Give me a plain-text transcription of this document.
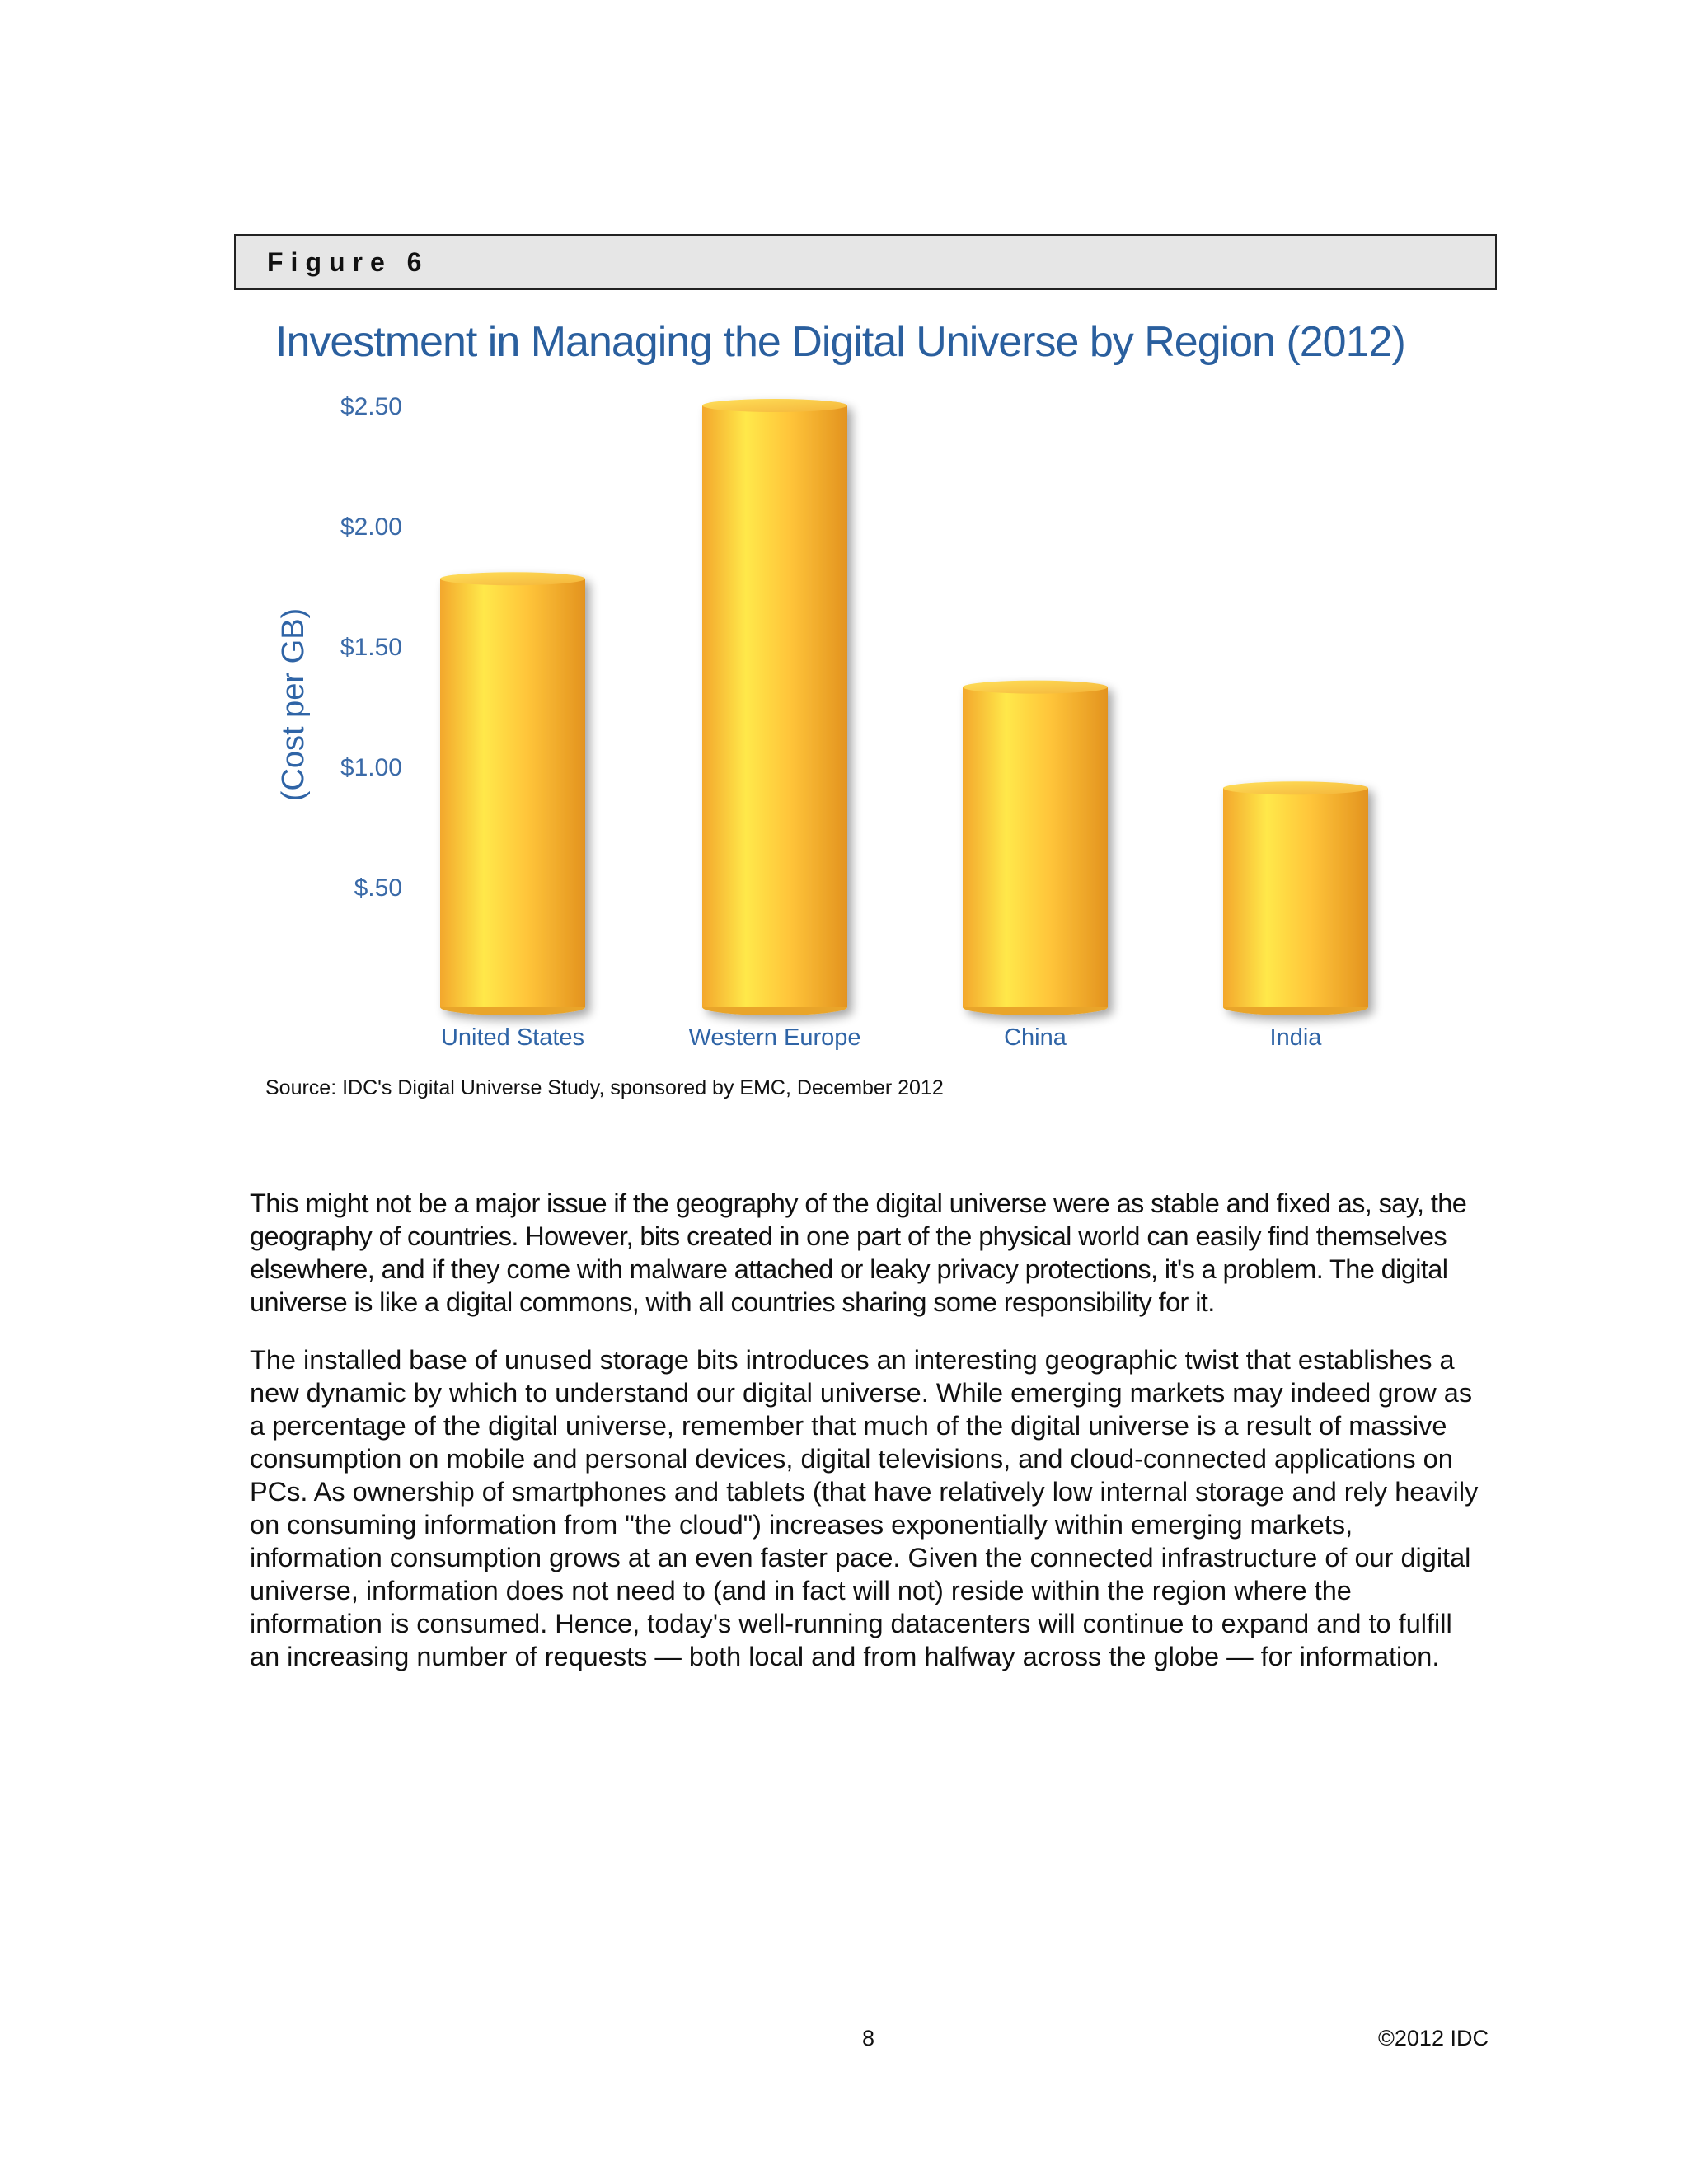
Figure 6
Investment in Managing the Digital Universe by Region (2012)
(Cost per GB)
$.50
$1.00
$1.50
$2.00
$2.50
United States	Western Europe	China	India
Source: IDC's Digital Universe Study, sponsored by EMC, December 2012

This might not be a major issue if the geography of the digital universe were as stable and fixed as, say, the geography of countries. However, bits created in one part of the physical world can easily find themselves elsewhere, and if they come with malware attached or leaky privacy protections, it's a problem. The digital universe is like a digital commons, with all countries sharing some responsibility for it.

The installed base of unused storage bits introduces an interesting geographic twist that establishes a new dynamic by which to understand our digital universe. While emerging markets may indeed grow as a percentage of the digital universe, remember that much of the digital universe is a result of massive consumption on mobile and personal devices, digital televisions, and cloud-connected applications on PCs. As ownership of smartphones and tablets (that have relatively low internal storage and rely heavily on consuming information from "the cloud") increases exponentially within emerging markets, information consumption grows at an even faster pace. Given the connected infrastructure of our digital universe, information does not need to (and in fact will not) reside within the region where the information is consumed. Hence, today's well-running datacenters will continue to expand and to fulfill an increasing number of requests — both local and from halfway across the globe — for information.

8	©2012 IDC
